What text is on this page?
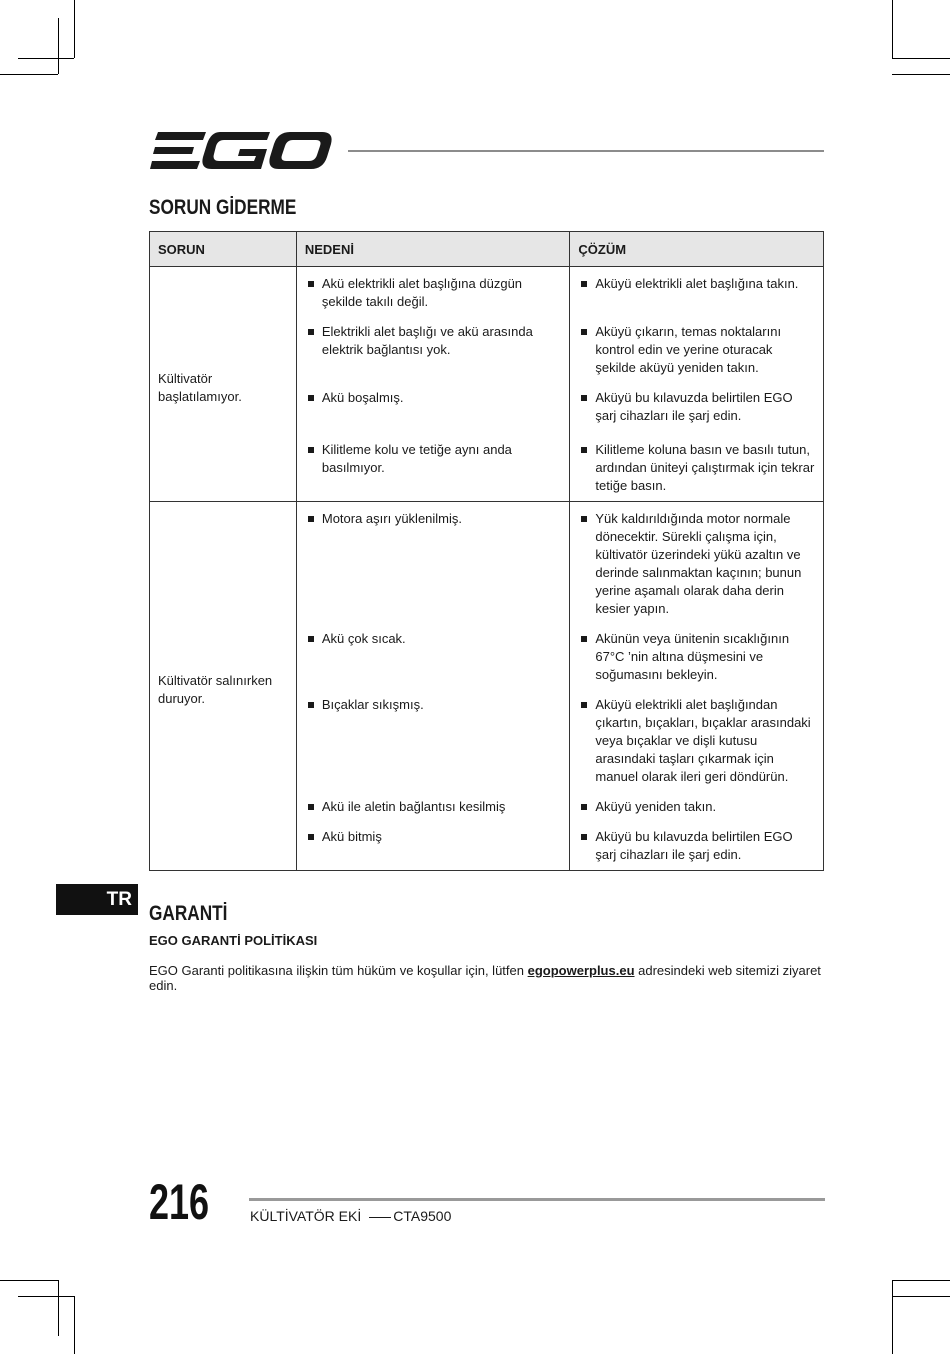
SORUN GİDERME
SORUN	NEDENİ	ÇÖZÜM
Kültivatör başlatılamıyor.	Akü elektrikli alet başlığına düzgün şekilde takılı değil.	Aküyü elektrikli alet başlığına takın.

	Elektrikli alet başlığı ve akü arasında elektrik bağlantısı yok.	Aküyü çıkarın, temas noktalarını kontrol edin ve yerine oturacak şekilde aküyü yeniden takın.

	Akü boşalmış.	Aküyü bu kılavuzda belirtilen EGO şarj cihazları ile şarj edin.

	Kilitleme kolu ve tetiğe aynı anda basılmıyor.	Kilitleme koluna basın ve basılı tutun, ardından üniteyi çalıştırmak için tekrar tetiğe basın.

Kültivatör salınırken duruyor.	Motora aşırı yüklenilmiş.	Yük kaldırıldığında motor normale dönecektir. Sürekli çalışma için, kültivatör üzerindeki yükü azaltın ve derinde salınmaktan kaçının; bunun yerine aşamalı olarak daha derin kesier yapın.

	Akü çok sıcak.	Akünün veya ünitenin sıcaklığının 67°C ’nin altına düşmesini ve soğumasını bekleyin.

	Bıçaklar sıkışmış.	Aküyü elektrikli alet başlığından çıkartın, bıçakları, bıçaklar arasındaki veya bıçaklar ve dişli kutusu arasındaki taşları çıkarmak için manuel olarak ileri geri döndürün.

	Akü ile aletin bağlantısı kesilmiş	Aküyü yeniden takın.

	Akü bitmiş	Aküyü bu kılavuzda belirtilen EGO şarj cihazları ile şarj edin.
TR
GARANTİ
EGO GARANTİ POLİTİKASI
EGO Garanti politikasına ilişkin tüm hüküm ve koşullar için, lütfen egopowerplus.eu adresindeki web sitemizi ziyaret edin.
216	KÜLTİVATÖR EKİ CTA9500
